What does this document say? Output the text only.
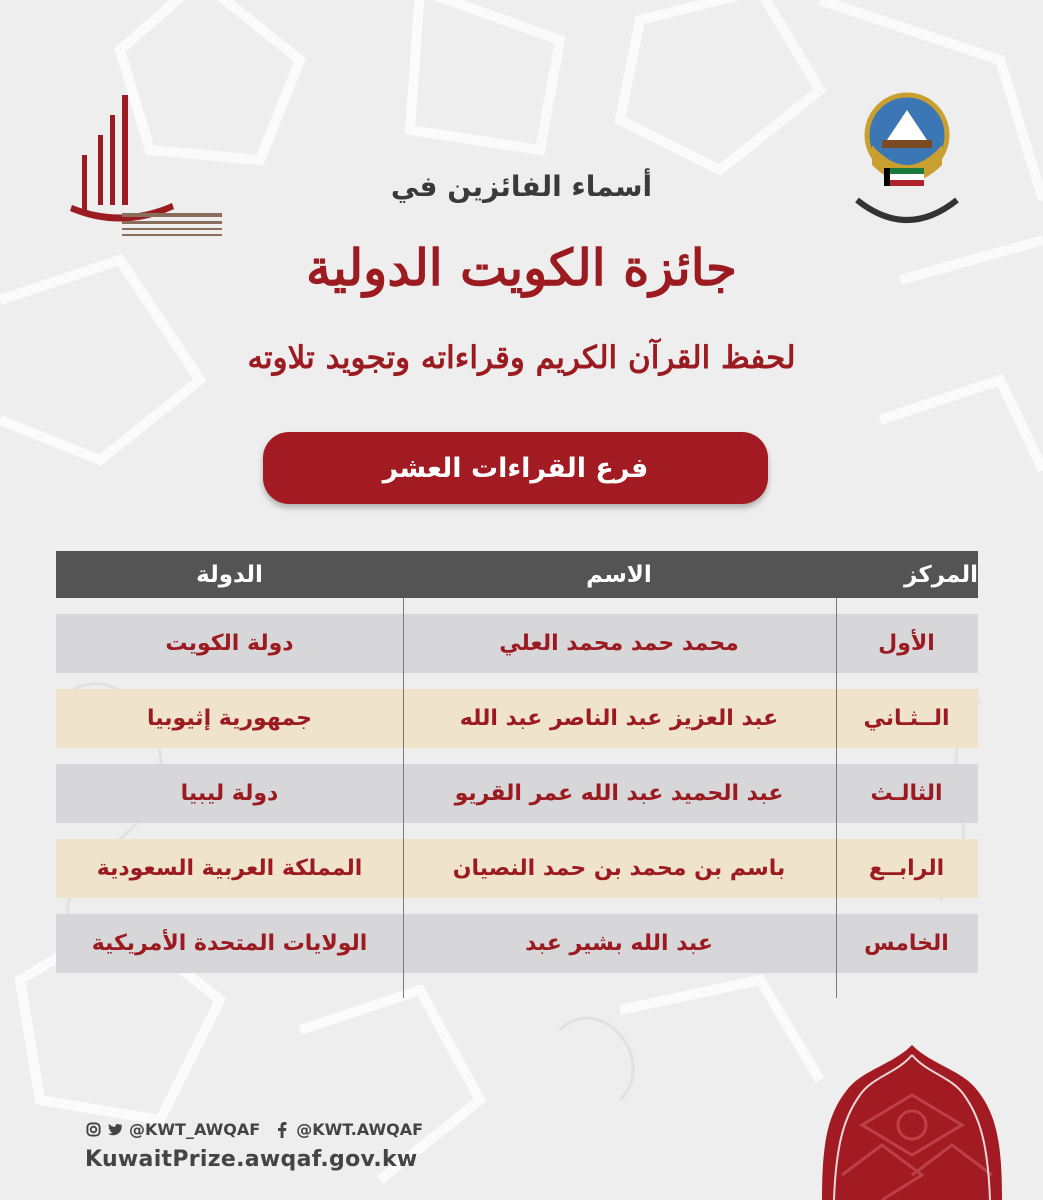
أسماء الفائزين في
جائزة الكويت الدولية
لحفظ القرآن الكريم وقراءاته وتجويد تلاوته
فرع القراءات العشر
المركز
الاسم
الدولة
الأول
محمد حمد محمد العلي
دولة الكويت
الــثـاني
عبد العزيز عبد الناصر عبد الله
جمهورية إثيوبيا
الثالـث
عبد الحميد عبد الله عمر القريو
دولة ليبيا
الرابــع
باسم بن محمد بن حمد النصيان
المملكة العربية السعودية
الخامس
عبد الله بشير عبد
الولايات المتحدة الأمريكية
@KWT_AWQAF @KWT.AWQAF
KuwaitPrize.awqaf.gov.kw
